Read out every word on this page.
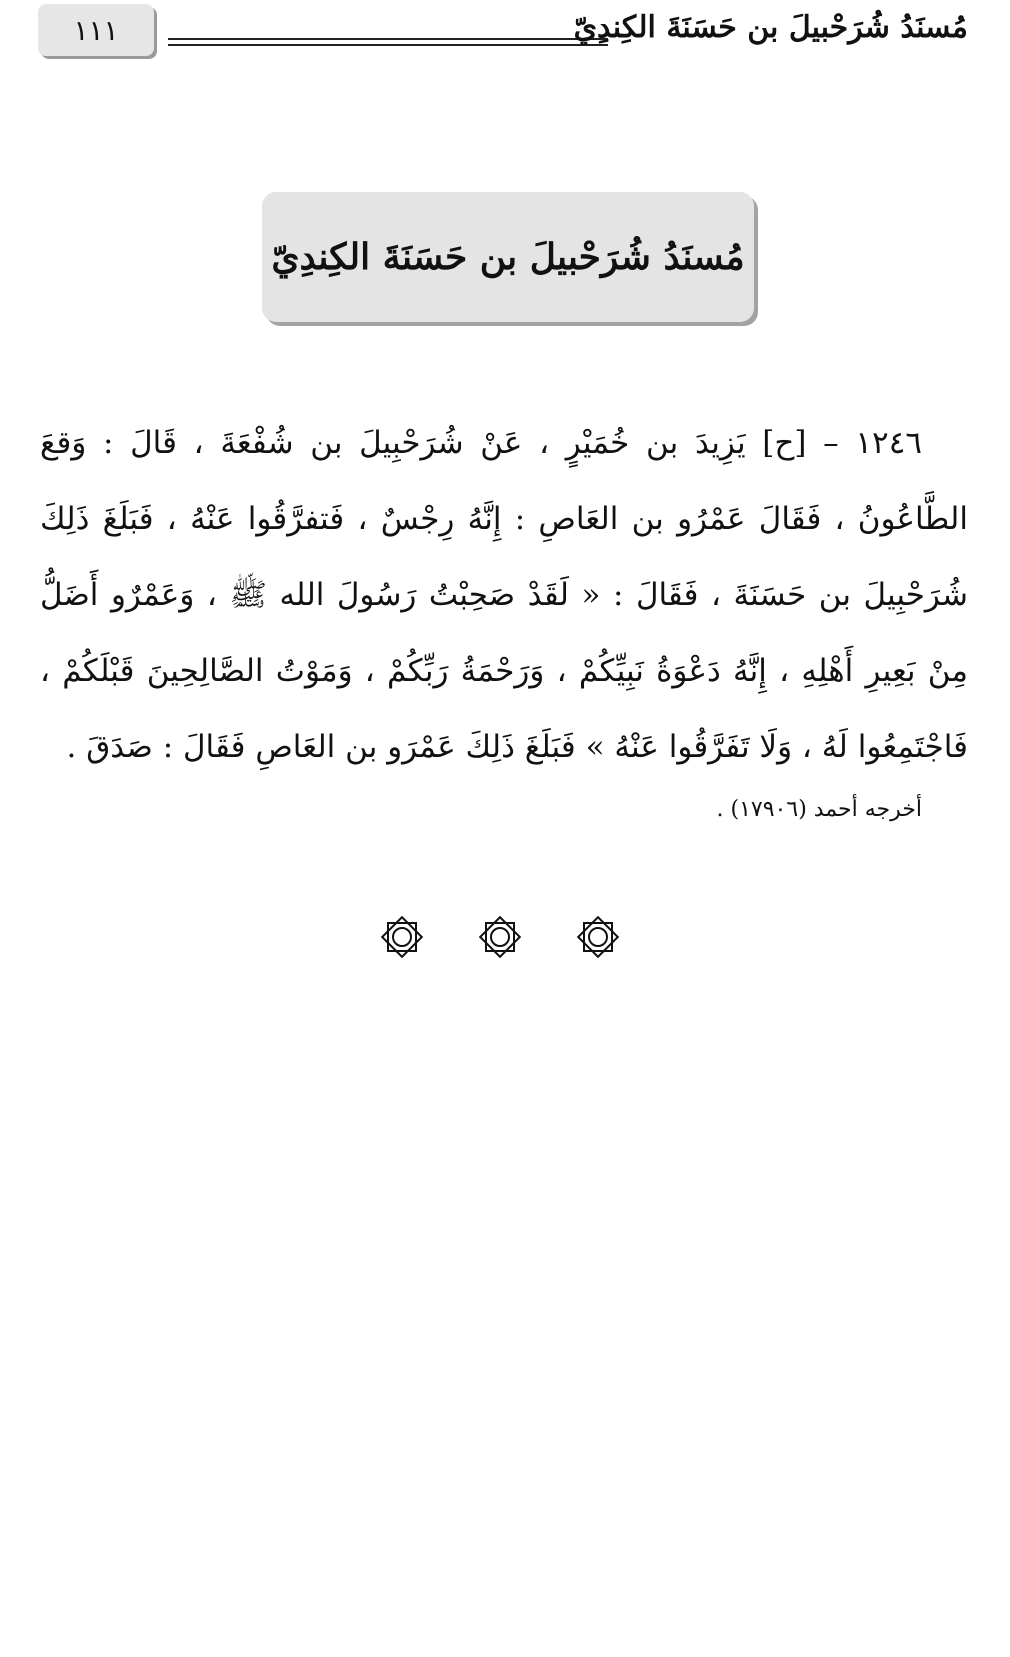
١١١	مُسنَدُ شُرَحْبيلَ بن حَسَنَةَ الكِندِيّ
مُسنَدُ شُرَحْبيلَ بن حَسَنَةَ الكِندِيّ

١٢٤٦ – [ح] يَزِيدَ بن خُمَيْرٍ ، عَنْ شُرَحْبِيلَ بن شُفْعَةَ ، قَالَ : وَقعَ الطَّاعُونُ ، فَقَالَ عَمْرُو بن العَاصِ : إِنَّهُ رِجْسٌ ، فَتفرَّقُوا عَنْهُ ، فَبَلَغَ ذَلِكَ شُرَحْبِيلَ بن حَسَنَةَ ، فَقَالَ : « لَقَدْ صَحِبْتُ رَسُولَ الله ﷺ ، وَعَمْرٌو أَضَلُّ مِنْ بَعِيرِ أَهْلِهِ ، إِنَّهُ دَعْوَةُ نَبِيِّكُمْ ، وَرَحْمَةُ رَبِّكُمْ ، وَمَوْتُ الصَّالِحِينَ قَبْلَكُمْ ، فَاجْتَمِعُوا لَهُ ، وَلَا تَفَرَّقُوا عَنْهُ » فَبَلَغَ ذَلِكَ عَمْرَو بن العَاصِ فَقَالَ : صَدَقَ .

أخرجه أحمد (١٧٩٠٦) .
